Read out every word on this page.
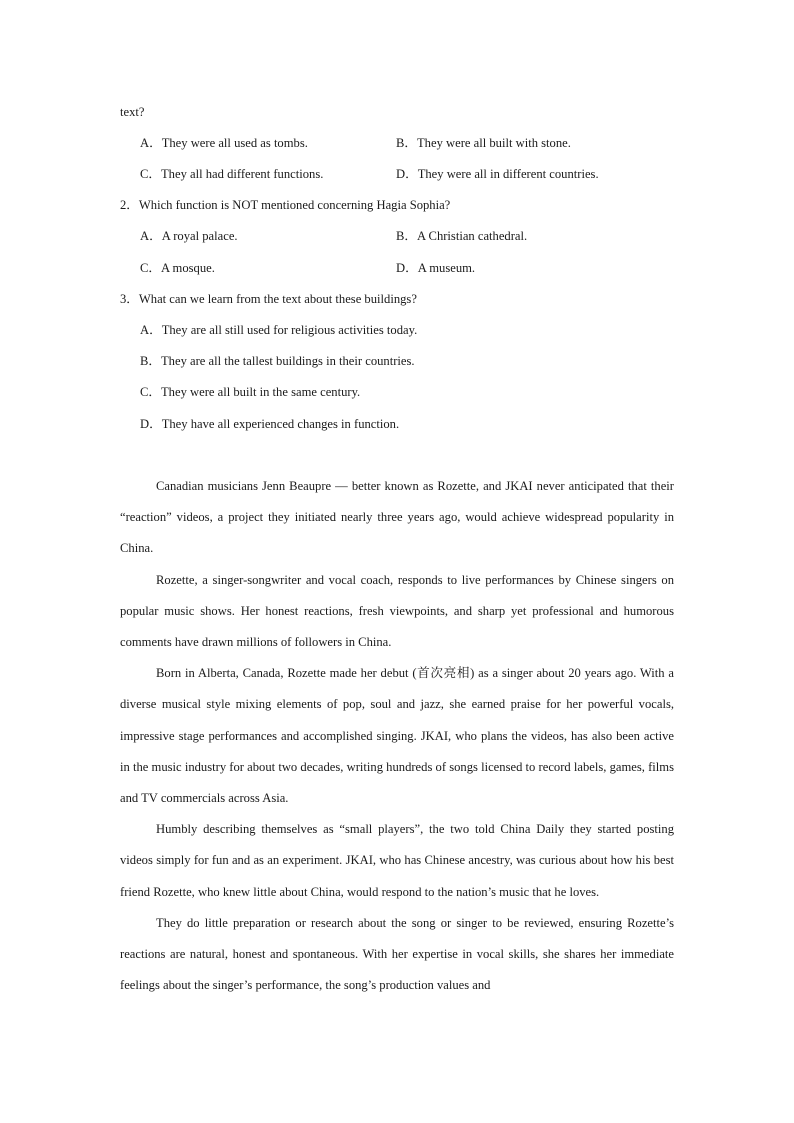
text?
A．They were all used as tombs.	B．They were all built with stone.
C．They all had different functions.	D．They were all in different countries.
2．Which function is NOT mentioned concerning Hagia Sophia?
A．A royal palace.	B．A Christian cathedral.
C．A mosque.	D．A museum.
3．What can we learn from the text about these buildings?
A．They are all still used for religious activities today.
B．They are all the tallest buildings in their countries.
C．They were all built in the same century.
D．They have all experienced changes in function.

Canadian musicians Jenn Beaupre — better known as Rozette, and JKAI never anticipated that their “reaction” videos, a project they initiated nearly three years ago, would achieve widespread popularity in China.

Rozette, a singer-songwriter and vocal coach, responds to live performances by Chinese singers on popular music shows. Her honest reactions, fresh viewpoints, and sharp yet professional and humorous comments have drawn millions of followers in China.

Born in Alberta, Canada, Rozette made her debut (首次亮相) as a singer about 20 years ago. With a diverse musical style mixing elements of pop, soul and jazz, she earned praise for her powerful vocals, impressive stage performances and accomplished singing. JKAI, who plans the videos, has also been active in the music industry for about two decades, writing hundreds of songs licensed to record labels, games, films and TV commercials across Asia.

Humbly describing themselves as “small players”, the two told China Daily they started posting videos simply for fun and as an experiment. JKAI, who has Chinese ancestry, was curious about how his best friend Rozette, who knew little about China, would respond to the nation’s music that he loves.

They do little preparation or research about the song or singer to be reviewed, ensuring Rozette’s reactions are natural, honest and spontaneous. With her expertise in vocal skills, she shares her immediate feelings about the singer’s performance, the song’s production values and
